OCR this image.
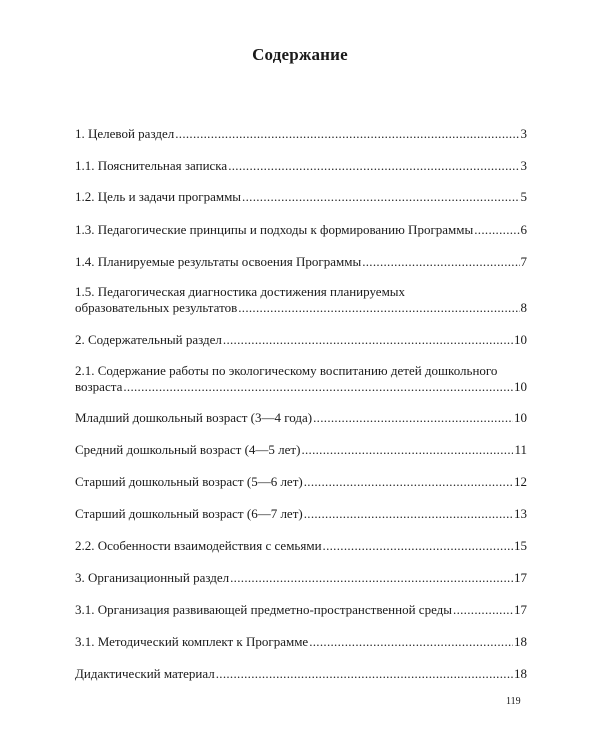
Содержание
1. Целевой раздел .....	3
1.1. Пояснительная записка .....	3
1.2. Цель и задачи программы .....	5
1.3. Педагогические принципы и подходы к формированию Программы .....	6
1.4. Планируемые результаты освоения Программы .....	7
1.5. Педагогическая диагностика достижения планируемых
образовательных результатов .....	8
2. Содержательный раздел .....	10
2.1. Содержание работы по экологическому воспитанию детей дошкольного
возраста .....	10
Младший дошкольный возраст (3—4 года) .....	10
Средний дошкольный возраст (4—5 лет) .....	11
Старший дошкольный возраст (5—6 лет) .....	12
Старший дошкольный возраст (6—7 лет) .....	13
2.2. Особенности взаимодействия с семьями .....	15
3. Организационный раздел .....	17
3.1. Организация развивающей предметно-пространственной среды .....	17
3.1. Методический комплект к Программе .....	18
Дидактический материал .....	18
119
